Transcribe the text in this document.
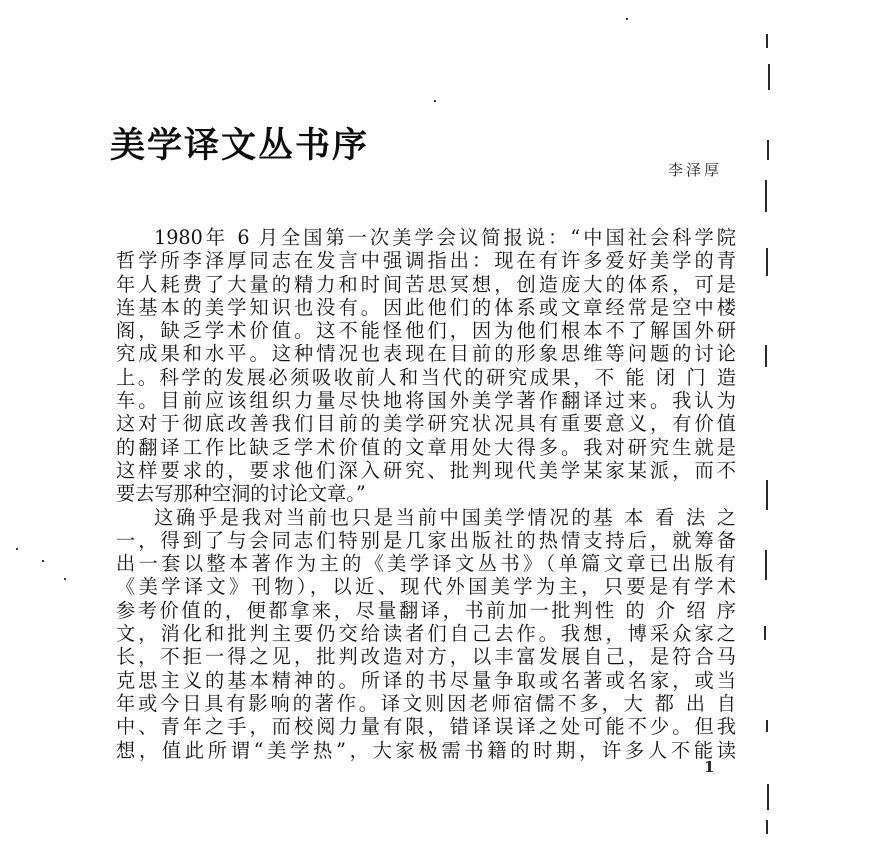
美学译文丛书序
李泽厚
1980年 6 月全国第一次美学会议简报说：“中国社会科学院
哲学所李泽厚同志在发言中强调指出：现在有许多爱好美学的青
年人耗费了大量的精力和时间苦思冥想，创造庞大的体系，可是
连基本的美学知识也没有。因此他们的体系或文章经常是空中楼
阁，缺乏学术价值。这不能怪他们，因为他们根本不了解国外研
究成果和水平。这种情况也表现在目前的形象思维等问题的讨论
上。科学的发展必须吸收前人和当代的研究成果，不 能 闭 门 造
车。目前应该组织力量尽快地将国外美学著作翻译过来。我认为
这对于彻底改善我们目前的美学研究状况具有重要意义，有价值
的翻译工作比缺乏学术价值的文章用处大得多。我对研究生就是
这样要求的，要求他们深入研究、批判现代美学某家某派，而不
要去写那种空洞的讨论文章。”
这确乎是我对当前也只是当前中国美学情况的基 本 看 法 之
一，得到了与会同志们特别是几家出版社的热情支持后，就筹备
出一套以整本著作为主的《美学译文丛书》（单篇文章已出版有
《美学译文》刊物），以近、现代外国美学为主，只要是有学术
参考价值的，便都拿来，尽量翻译，书前加一批判性 的 介 绍 序
文，消化和批判主要仍交给读者们自己去作。我想，博采众家之
长，不拒一得之见，批判改造对方，以丰富发展自己，是符合马
克思主义的基本精神的。所译的书尽量争取或名著或名家，或当
年或今日具有影响的著作。译文则因老师宿儒不多，大 都 出 自
中、青年之手，而校阅力量有限，错译误译之处可能不少。但我
想，值此所谓“美学热”，大家极需书籍的时期，许多人不能读
1
